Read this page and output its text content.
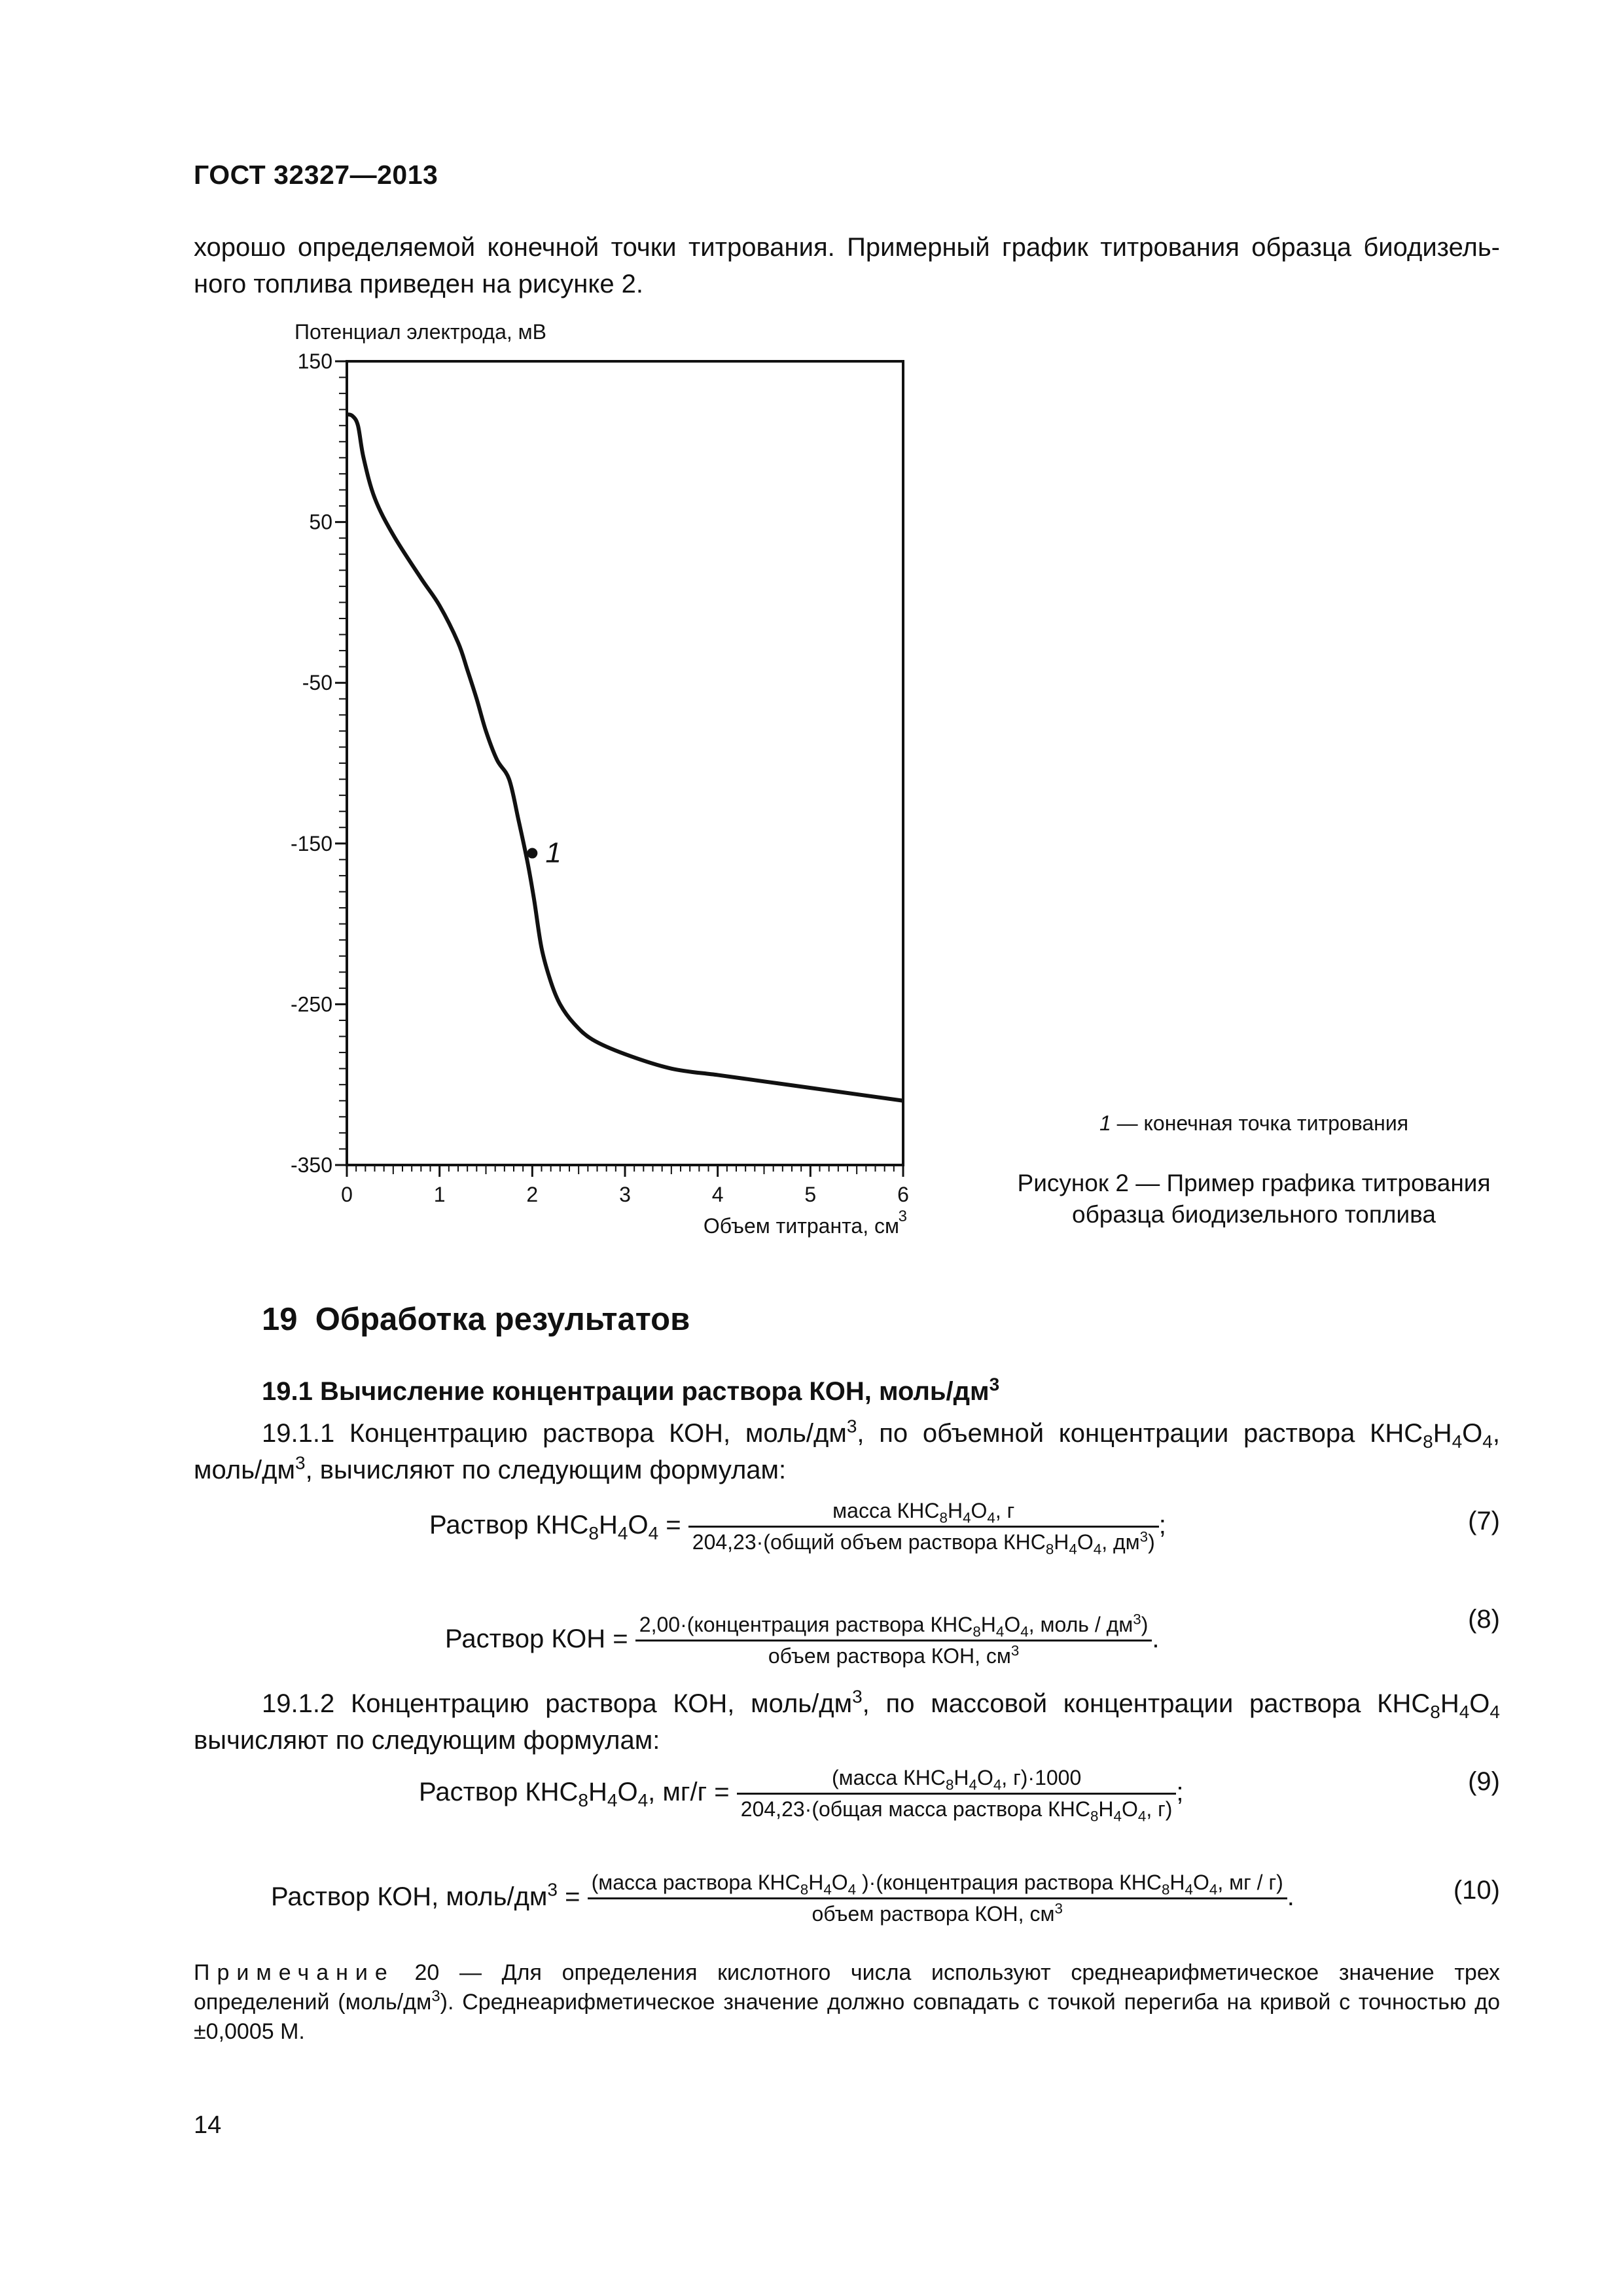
ГОСТ 32327—2013
хорошо определяемой конечной точки титрования. Примерный график титрования образца биодизель-
ного топлива приведен на рисунке 2.
150
50
-50
-150
-250
-350
0	1	2	3	4	5	6
Потенциал электрода, мВ
Объем титранта, см
3
1
1 — конечная точка титрования
Рисунок 2 — Пример графика титрования
образца биодизельного топлива
19 Обработка результатов
19.1 Вычисление концентрации раствора КОН, моль/$дм^3$
19.1.1 Концентрацию раствора КОН, моль/$дм^3$, по объемной концентрации раствора $КНС_8Н_4О_4$,
моль/$дм^3$, вычисляют по следующим формулам:
Раствор $КНС_8Н_4О_4 = \frac{масса КНС_8Н_4О_4, г}{204,23\cdot(общий объем раствора КНС_8Н_4О_4, дм^3)}$ ;	(7)
Раствор КОН = $\frac{2,00\cdot(концентрация раствора КНС_8Н_4О_4, моль / дм^3)}{объем раствора КОН, см^3}$ .
(8)
19.1.2 Концентрацию раствора КОН, моль/$дм^3$, по массовой концентрации раствора $КНС_8Н_4О_4$
вычисляют по следующим формулам:
Раствор $КНС_8Н_4О_4$, $мг/г = \frac{(масса КНС_8Н_4О_4, г)\cdot 1000}{204,23\cdot(общая масса раствора КНС_8Н_4О_4, г)}$ ;	(9)
Раствор КОН, моль/$дм^3$ =
(масса раствора $КНС_8Н_4О_4$ )·(концентрация раствора $КНС_8Н_4О_4$, мг / г)
объем раствора КОН, $см^3$	.	(10)
Примечание 20 — Для определения кислотного числа используют среднеарифметическое значение трех определений $(моль/дм^3)$. Среднеарифметическое значение должно совпадать с точкой перегиба на кривой с точностью до ±0,0005 М.
14
